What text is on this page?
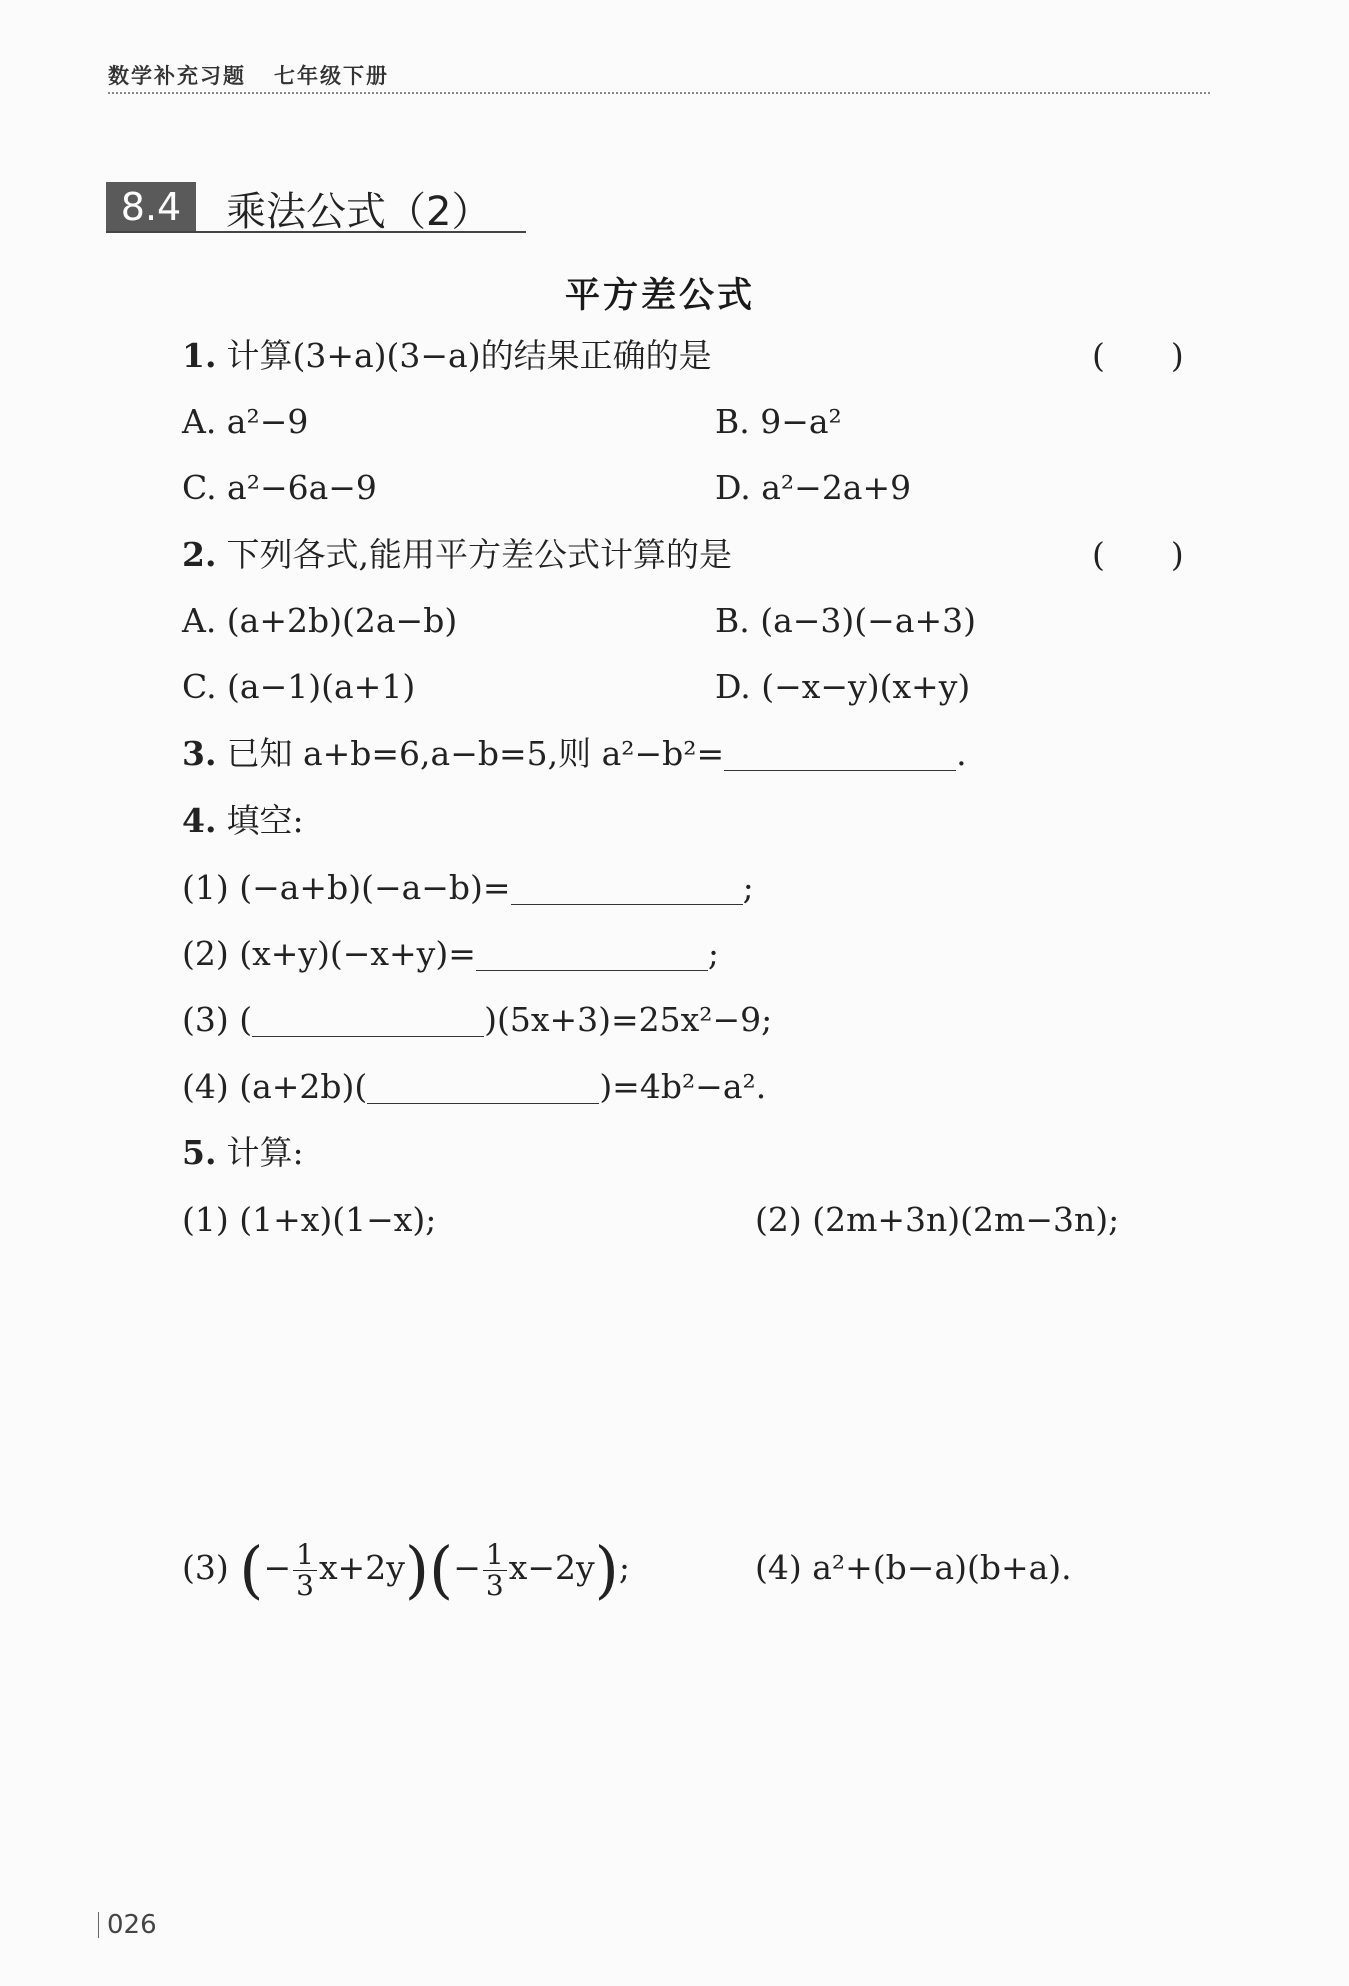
数学补充习题 七年级下册
8.4	乘法公式（2）
平方差公式
1. 计算(3+a)(3−a)的结果正确的是	(  )
A. a²−9	B. 9−a²
C. a²−6a−9	D. a²−2a+9
2. 下列各式,能用平方差公式计算的是	(  )
A. (a+2b)(2a−b)	B. (a−3)(−a+3)
C. (a−1)(a+1)	D. (−x−y)(x+y)
3. 已知 a+b=6,a−b=5,则 a²−b²=	.
4. 填空:
(1) (−a+b)(−a−b)=	;
(2) (x+y)(−x+y)=	;
(3) (	)(5x+3)=25x²−9;
(4) (a+2b)(	)=4b²−a².
5. 计算:
(1) (1+x)(1−x);	(2) (2m+3n)(2m−3n);
(3) (− $\frac{1}{3} x+2y)(- \frac{1}{3} x-2y)$;	(4) a²+(b−a)(b+a).
026
